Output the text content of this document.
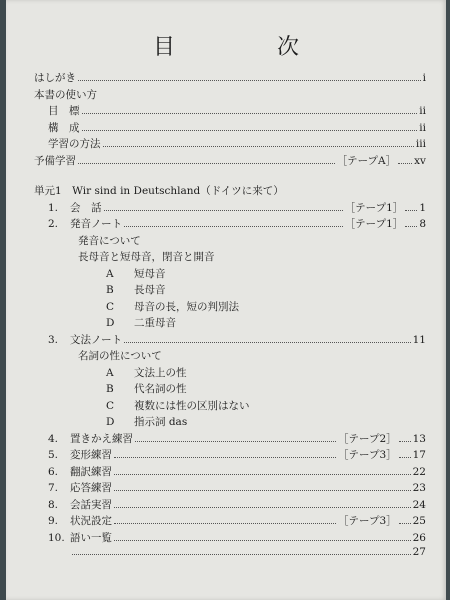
目　次
はしがき	i
本書の使い方
目　標	ii
構　成	ii
学習の方法	iii
予備学習	［テープA］ xv
単元1　Wir sind in Deutschland（ドイツに来て）
1.	会　話	［テープ1］ 1
2.	発音ノート	［テープ1］ 8
発音について
長母音と短母音，閉音と開音
A	短母音
B	長母音
C	母音の長，短の判別法
D	二重母音
3.	文法ノート	11
名詞の性について
A	文法上の性
B	代名詞の性
C	複数には性の区別はない
D	指示詞 das
4.	置きかえ練習	［テープ2］ 13
5.	変形練習	［テープ3］ 17
6.	翻訳練習	22
7.	応答練習	23
8.	会話実習	24
9.	状況設定	［テープ3］ 25
10. 語い一覧	26
27
